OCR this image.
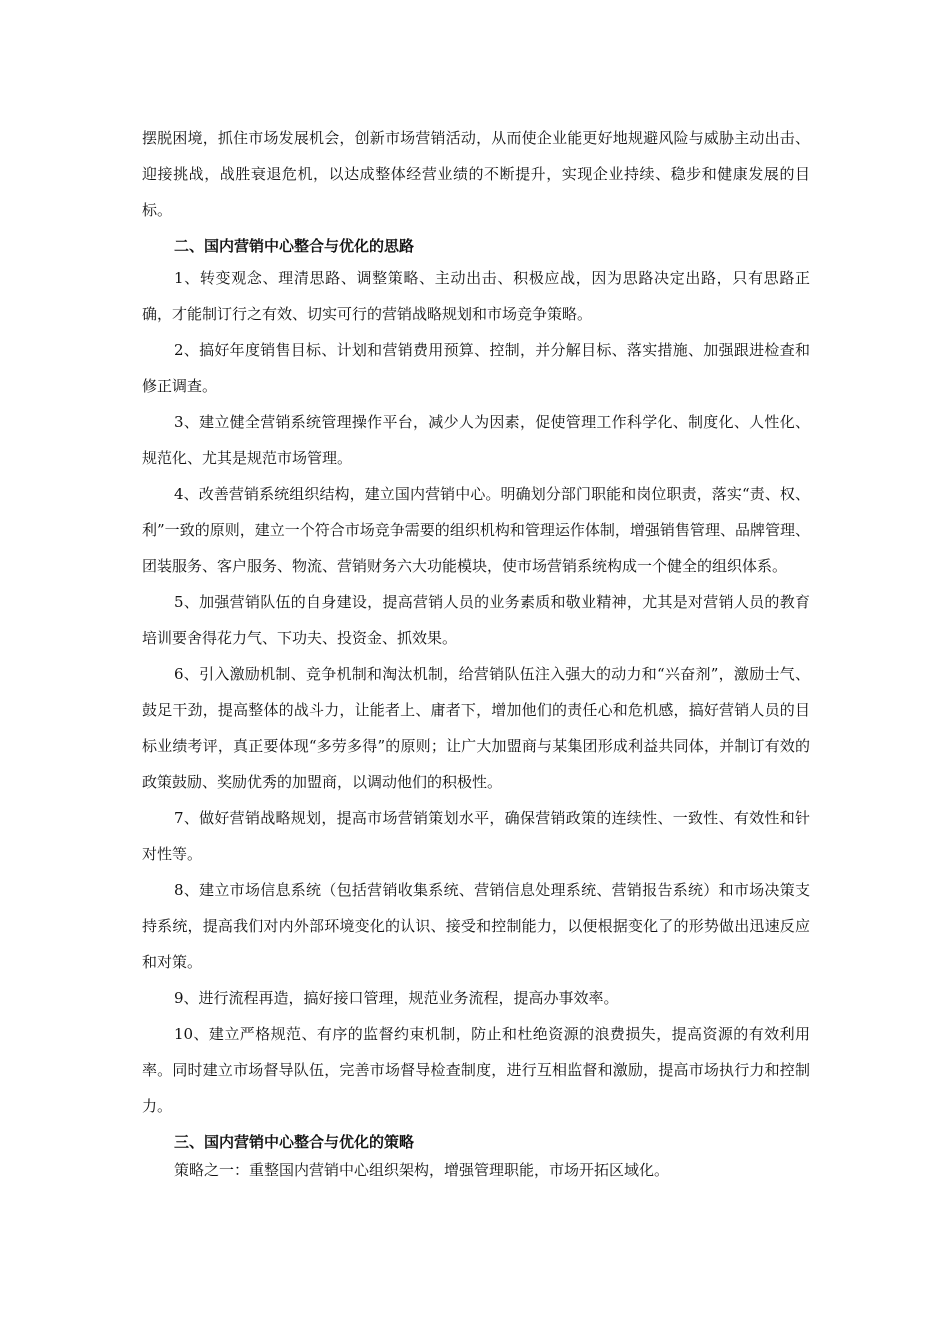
摆脱困境，抓住市场发展机会，创新市场营销活动，从而使企业能更好地规避风险与威胁主动出击、迎接挑战，战胜衰退危机，以达成整体经营业绩的不断提升，实现企业持续、稳步和健康发展的目标。

二、国内营销中心整合与优化的思路

1、转变观念、理清思路、调整策略、主动出击、积极应战，因为思路决定出路，只有思路正确，才能制订行之有效、切实可行的营销战略规划和市场竞争策略。

2、搞好年度销售目标、计划和营销费用预算、控制，并分解目标、落实措施、加强跟进检查和修正调查。

3、建立健全营销系统管理操作平台，减少人为因素，促使管理工作科学化、制度化、人性化、规范化、尤其是规范市场管理。

4、改善营销系统组织结构，建立国内营销中心。明确划分部门职能和岗位职责，落实“责、权、利”一致的原则，建立一个符合市场竞争需要的组织机构和管理运作体制，增强销售管理、品牌管理、团装服务、客户服务、物流、营销财务六大功能模块，使市场营销系统构成一个健全的组织体系。

5、加强营销队伍的自身建设，提高营销人员的业务素质和敬业精神，尤其是对营销人员的教育培训要舍得花力气、下功夫、投资金、抓效果。

6、引入激励机制、竞争机制和淘汰机制，给营销队伍注入强大的动力和“兴奋剂”，激励士气、鼓足干劲，提高整体的战斗力，让能者上、庸者下，增加他们的责任心和危机感，搞好营销人员的目标业绩考评，真正要体现“多劳多得”的原则；让广大加盟商与某集团形成利益共同体，并制订有效的政策鼓励、奖励优秀的加盟商，以调动他们的积极性。

7、做好营销战略规划，提高市场营销策划水平，确保营销政策的连续性、一致性、有效性和针对性等。

8、建立市场信息系统（包括营销收集系统、营销信息处理系统、营销报告系统）和市场决策支持系统，提高我们对内外部环境变化的认识、接受和控制能力，以便根据变化了的形势做出迅速反应和对策。

9、进行流程再造，搞好接口管理，规范业务流程，提高办事效率。

10、建立严格规范、有序的监督约束机制，防止和杜绝资源的浪费损失，提高资源的有效利用率。同时建立市场督导队伍，完善市场督导检查制度，进行互相监督和激励，提高市场执行力和控制力。

三、国内营销中心整合与优化的策略

策略之一：重整国内营销中心组织架构，增强管理职能，市场开拓区域化。
